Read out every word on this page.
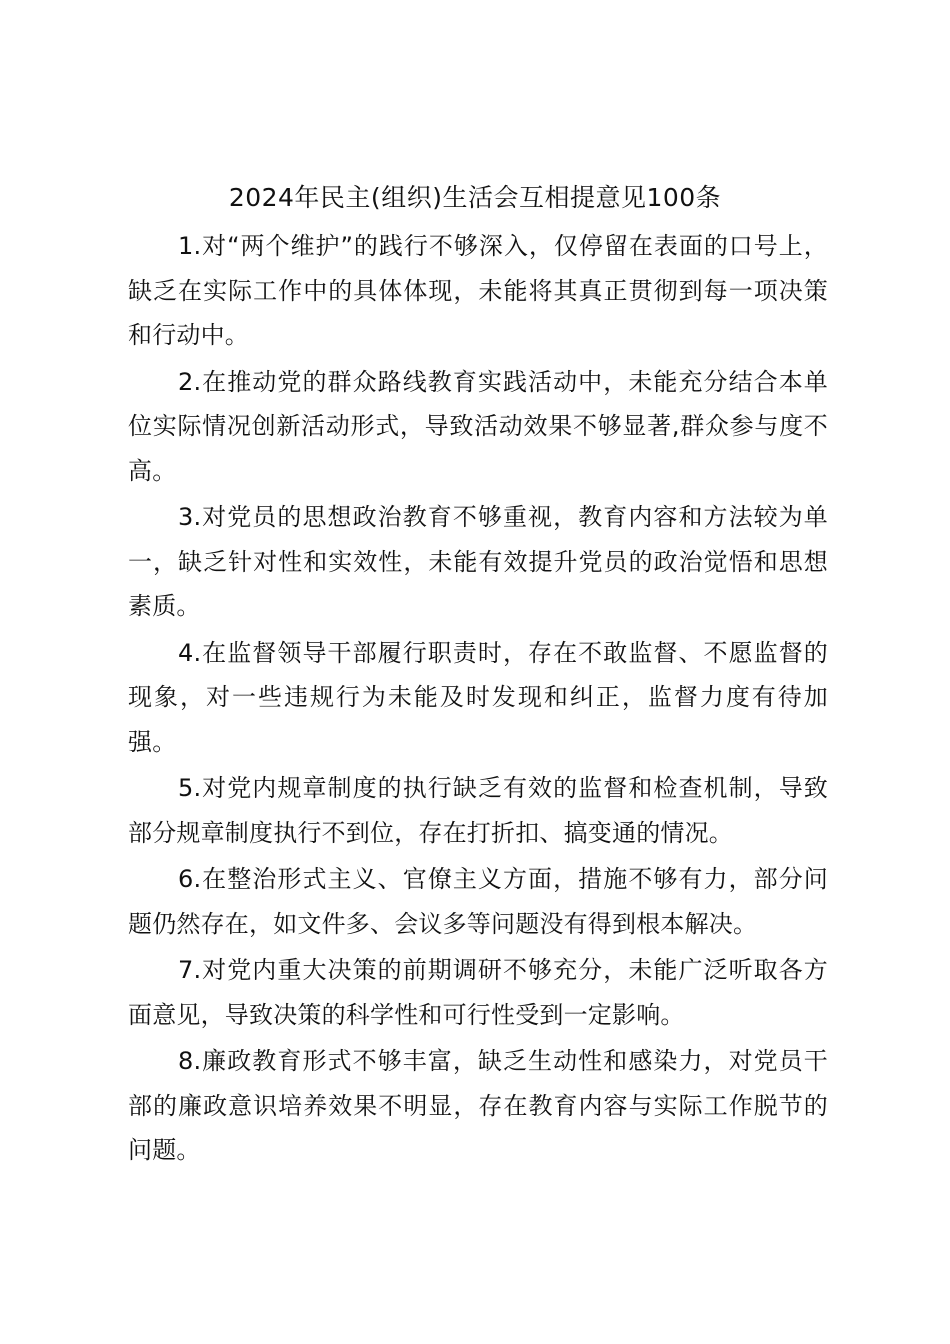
2024年民主(组织)生活会互相提意见100条

1.对“两个维护”的践行不够深入，仅停留在表面的口号上，缺乏在实际工作中的具体体现，未能将其真正贯彻到每一项决策和行动中。

2.在推动党的群众路线教育实践活动中，未能充分结合本单位实际情况创新活动形式，导致活动效果不够显著,群众参与度不高。

3.对党员的思想政治教育不够重视，教育内容和方法较为单一，缺乏针对性和实效性，未能有效提升党员的政治觉悟和思想素质。

4.在监督领导干部履行职责时，存在不敢监督、不愿监督的现象，对一些违规行为未能及时发现和纠正，监督力度有待加强。

5.对党内规章制度的执行缺乏有效的监督和检查机制，导致部分规章制度执行不到位，存在打折扣、搞变通的情况。

6.在整治形式主义、官僚主义方面，措施不够有力，部分问题仍然存在，如文件多、会议多等问题没有得到根本解决。

7.对党内重大决策的前期调研不够充分，未能广泛听取各方面意见，导致决策的科学性和可行性受到一定影响。

8.廉政教育形式不够丰富，缺乏生动性和感染力，对党员干部的廉政意识培养效果不明显，存在教育内容与实际工作脱节的问题。
